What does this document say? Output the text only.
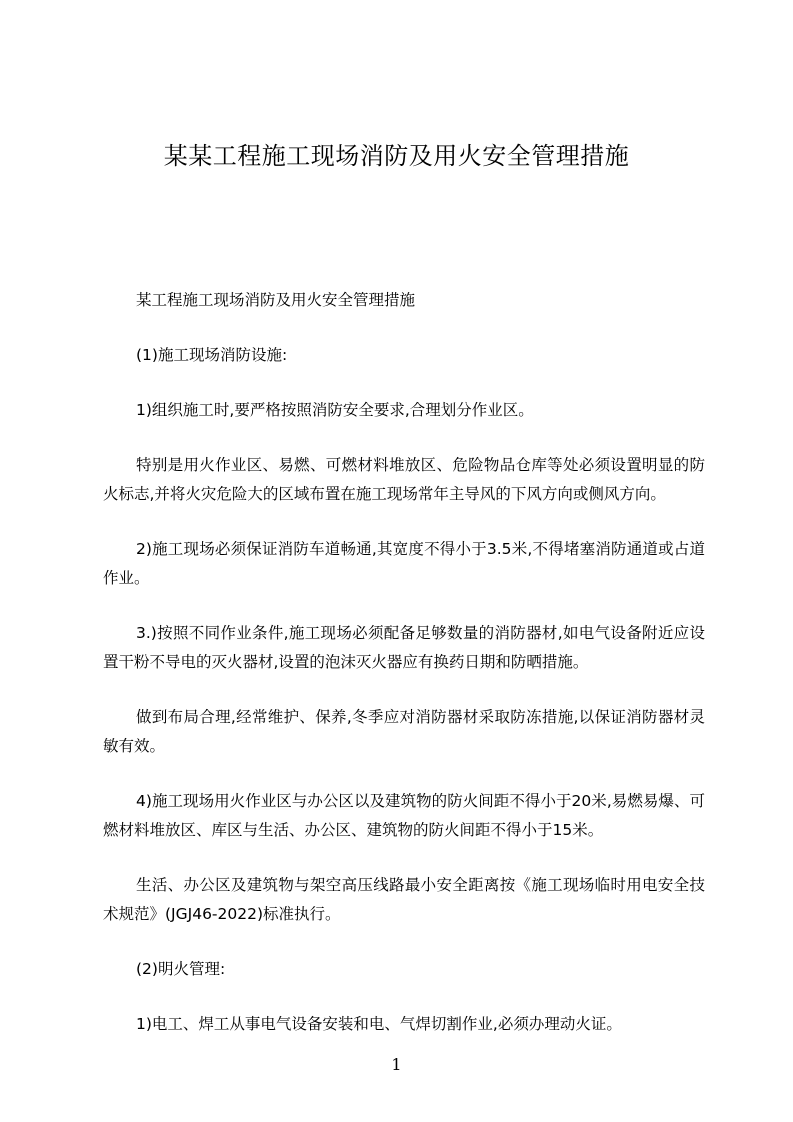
某某工程施工现场消防及用火安全管理措施

某工程施工现场消防及用火安全管理措施

(1)施工现场消防设施:

1)组织施工时,要严格按照消防安全要求,合理划分作业区。

特别是用火作业区、易燃、可燃材料堆放区、危险物品仓库等处必须设置明显的防火标志,并将火灾危险大的区域布置在施工现场常年主导风的下风方向或侧风方向。

2)施工现场必须保证消防车道畅通,其宽度不得小于3.5米,不得堵塞消防通道或占道作业。

3.)按照不同作业条件,施工现场必须配备足够数量的消防器材,如电气设备附近应设置干粉不导电的灭火器材,设置的泡沫灭火器应有换药日期和防晒措施。

做到布局合理,经常维护、保养,冬季应对消防器材采取防冻措施,以保证消防器材灵敏有效。

4)施工现场用火作业区与办公区以及建筑物的防火间距不得小于20米,易燃易爆、可燃材料堆放区、库区与生活、办公区、建筑物的防火间距不得小于15米。

生活、办公区及建筑物与架空高压线路最小安全距离按《施工现场临时用电安全技术规范》(JGJ46-2022)标准执行。

(2)明火管理:

1)电工、焊工从事电气设备安装和电、气焊切割作业,必须办理动火证。

1
